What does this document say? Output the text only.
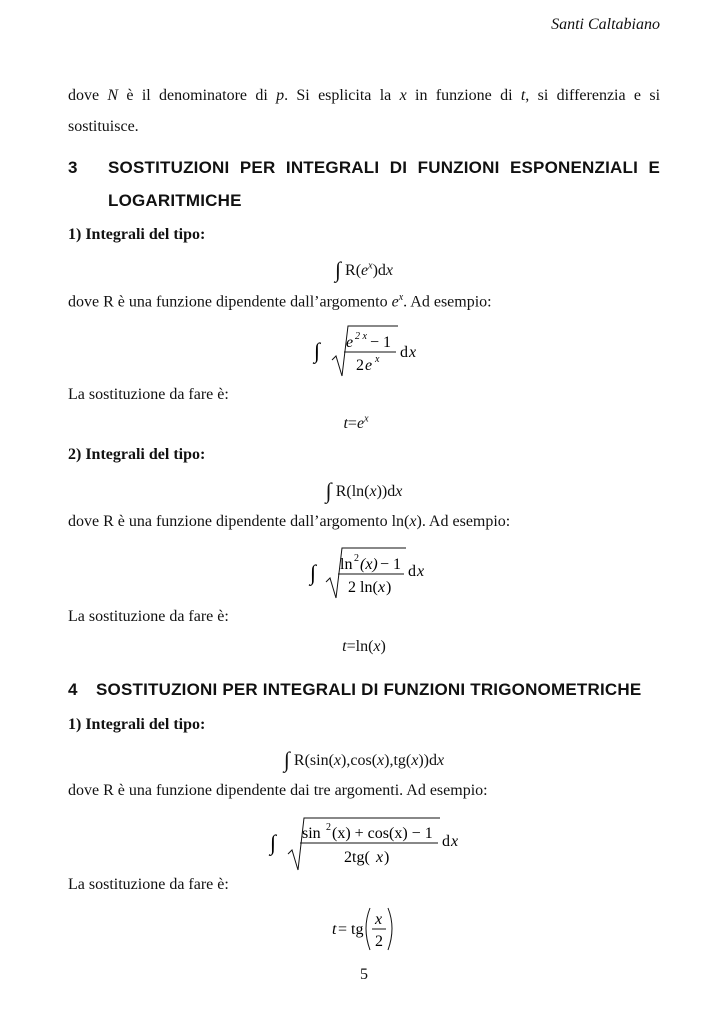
Santi Caltabiano
dove N è il denominatore di p. Si esplicita la x in funzione di t, si differenzia e si
sostituisce.
3 SOSTITUZIONI PER INTEGRALI DI FUNZIONI ESPONENZIALI E
LOGARITMICHE
1) Integrali del tipo:
∫ $R(e^x)dx$
dove R è una funzione dipendente dall’argomento $e^x$. Ad esempio:
∫ e 2 x − 1
2 e x d x
La sostituzione da fare è:
$t=e^x$
2) Integrali del tipo:
∫ R(ln(x))dx
dove R è una funzione dipendente dall’argomento ln(x). Ad esempio:
∫ ln 2 (x) − 1
2 ln( x )
d x
La sostituzione da fare è:
t=ln(x)
4 SOSTITUZIONI PER INTEGRALI DI FUNZIONI TRIGONOMETRICHE
1) Integrali del tipo:
∫ R(sin(x),cos(x),tg(x))dx
dove R è una funzione dipendente dai tre argomenti. Ad esempio:
∫ sin 2 (x) + cos(x) − 1
2tg( x )
d x
La sostituzione da fare è:
t = tg
x
2
5
